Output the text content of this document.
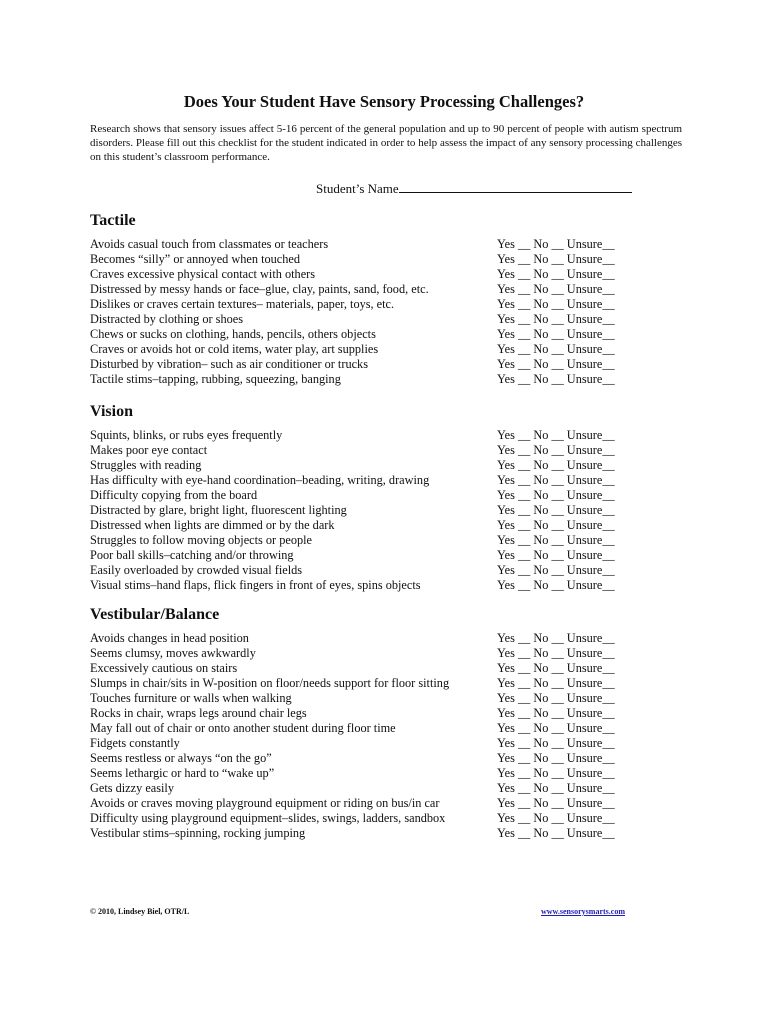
Does Your Student Have Sensory Processing Challenges?
Research shows that sensory issues affect 5-16 percent of the general population and up to 90 percent of people with autism spectrum disorders. Please fill out this checklist for the student indicated in order to help assess the impact of any sensory processing challenges on this student’s classroom performance.
Student’s Name
Tactile
Avoids casual touch from classmates or teachers	Yes __ No __ Unsure__
Becomes “silly” or annoyed when touched	Yes __ No __ Unsure__
Craves excessive physical contact with others	Yes __ No __ Unsure__
Distressed by messy hands or face–glue, clay, paints, sand, food, etc.	Yes __ No __ Unsure__
Dislikes or craves certain textures– materials, paper, toys, etc.	Yes __ No __ Unsure__
Distracted by clothing or shoes	Yes __ No __ Unsure__
Chews or sucks on clothing, hands, pencils, others objects	Yes __ No __ Unsure__
Craves or avoids hot or cold items, water play, art supplies	Yes __ No __ Unsure__
Disturbed by vibration– such as air conditioner or trucks	Yes __ No __ Unsure__
Tactile stims–tapping, rubbing, squeezing, banging	Yes __ No __ Unsure__
Vision
Squints, blinks, or rubs eyes frequently	Yes __ No __ Unsure__
Makes poor eye contact	Yes __ No __ Unsure__
Struggles with reading	Yes __ No __ Unsure__
Has difficulty with eye-hand coordination–beading, writing, drawing	Yes __ No __ Unsure__
Difficulty copying from the board	Yes __ No __ Unsure__
Distracted by glare, bright light, fluorescent lighting	Yes __ No __ Unsure__
Distressed when lights are dimmed or by the dark	Yes __ No __ Unsure__
Struggles to follow moving objects or people	Yes __ No __ Unsure__
Poor ball skills–catching and/or throwing	Yes __ No __ Unsure__
Easily overloaded by crowded visual fields	Yes __ No __ Unsure__
Visual stims–hand flaps, flick fingers in front of eyes, spins objects	Yes __ No __ Unsure__
Vestibular/Balance
Avoids changes in head position	Yes __ No __ Unsure__
Seems clumsy, moves awkwardly	Yes __ No __ Unsure__
Excessively cautious on stairs	Yes __ No __ Unsure__
Slumps in chair/sits in W-position on floor/needs support for floor sitting	Yes __ No __ Unsure__
Touches furniture or walls when walking	Yes __ No __ Unsure__
Rocks in chair, wraps legs around chair legs	Yes __ No __ Unsure__
May fall out of chair or onto another student during floor time	Yes __ No __ Unsure__
Fidgets constantly	Yes __ No __ Unsure__
Seems restless or always “on the go”	Yes __ No __ Unsure__
Seems lethargic or hard to “wake up”	Yes __ No __ Unsure__
Gets dizzy easily	Yes __ No __ Unsure__
Avoids or craves moving playground equipment or riding on bus/in car	Yes __ No __ Unsure__
Difficulty using playground equipment–slides, swings, ladders, sandbox	Yes __ No __ Unsure__
Vestibular stims–spinning, rocking jumping	Yes __ No __ Unsure__
© 2010, Lindsey Biel, OTR/L	www.sensorysmarts.com
